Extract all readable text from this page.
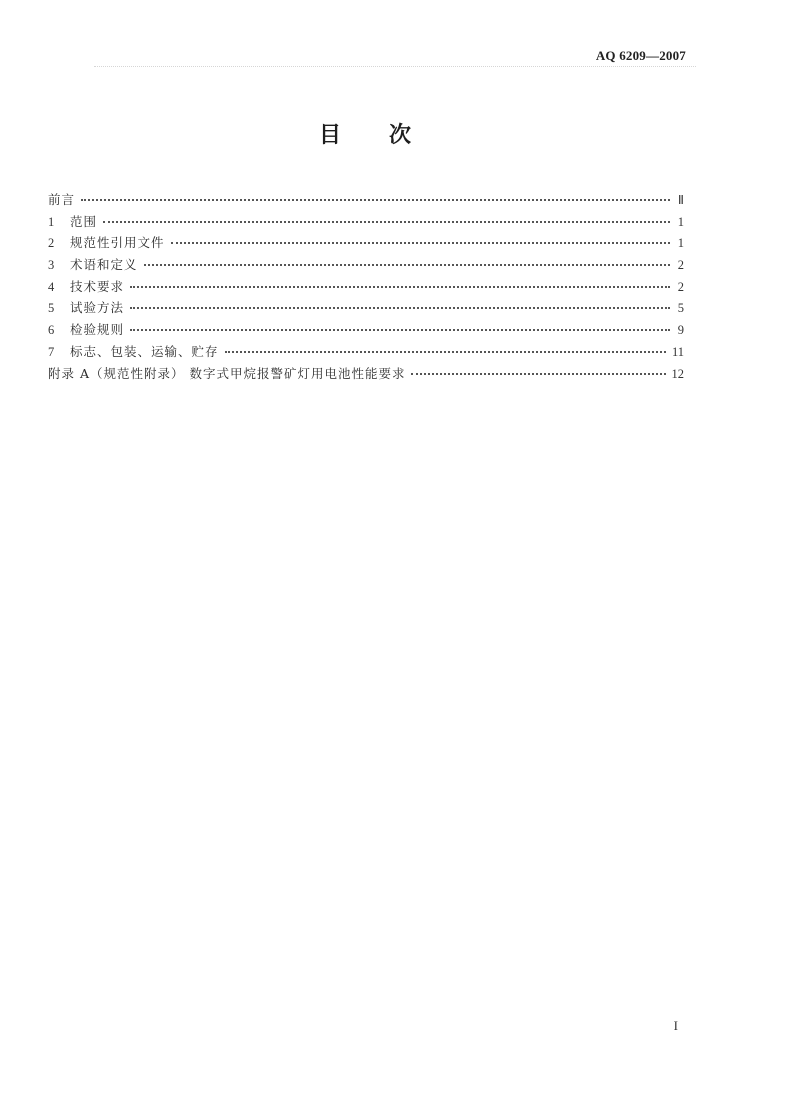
AQ 6209—2007
目 次
前言	Ⅱ
1	范围	1
2	规范性引用文件	1
3	术语和定义	2
4	技术要求	2
5	试验方法	5
6	检验规则	9
7	标志、包装、运输、贮存	11
附录 A（规范性附录） 数字式甲烷报警矿灯用电池性能要求	12
I
